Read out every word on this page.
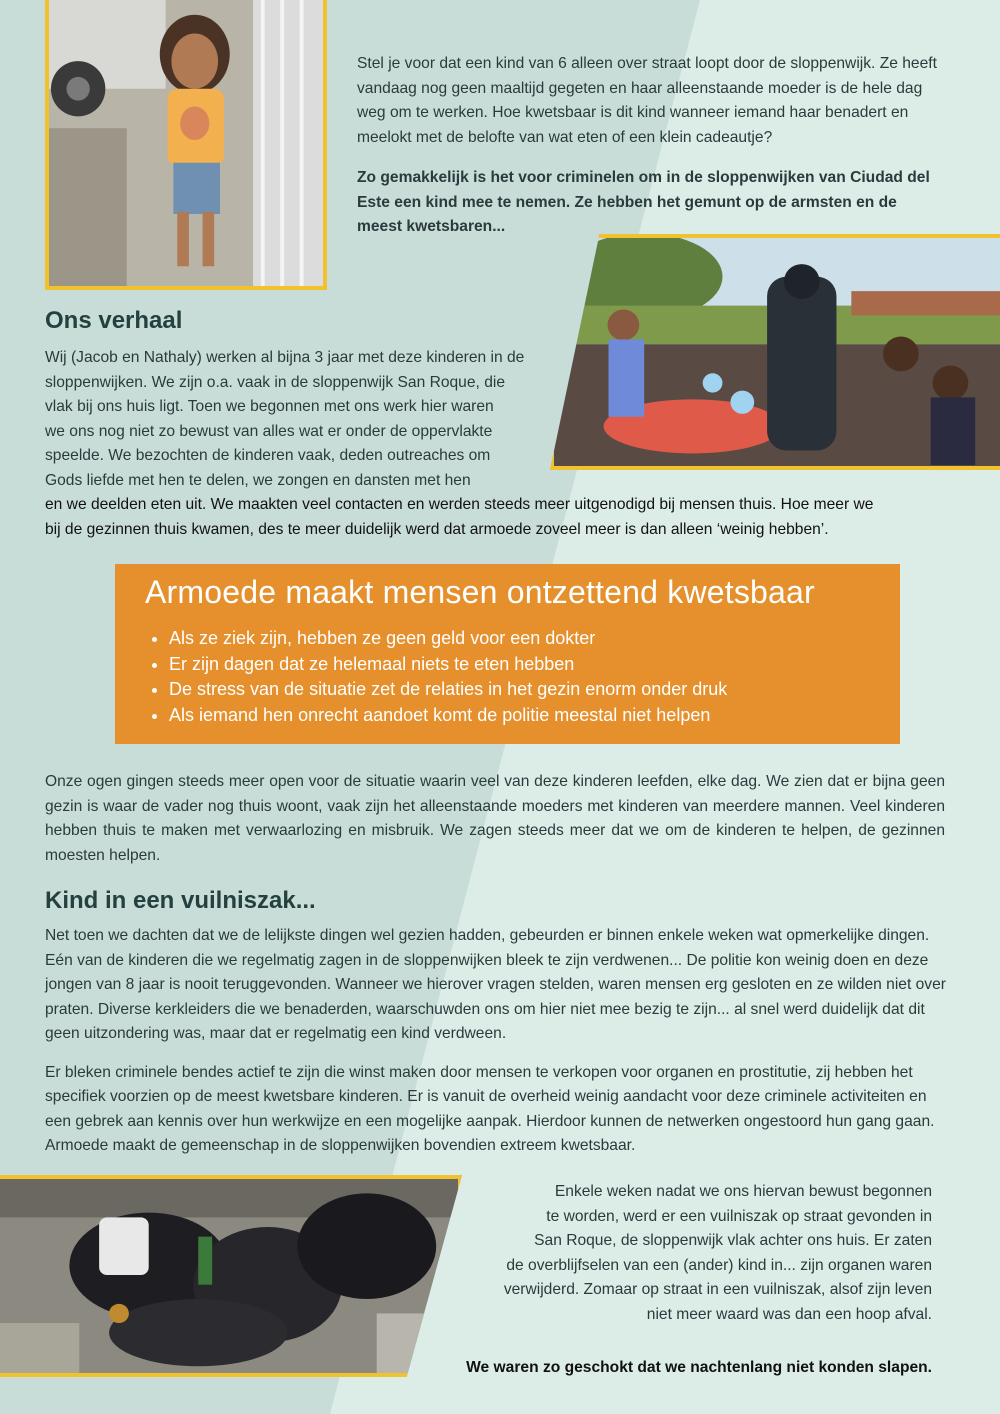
Stel je voor dat een kind van 6 alleen over straat loopt door de sloppenwijk. Ze heeft vandaag nog geen maaltijd gegeten en haar alleenstaande moeder is de hele dag weg om te werken. Hoe kwetsbaar is dit kind wanneer iemand haar benadert en meelokt met de belofte van wat eten of een klein cadeautje?

Zo gemakkelijk is het voor criminelen om in de sloppenwijken van Ciudad del Este een kind mee te nemen. Ze hebben het gemunt op de armsten en de meest kwetsbaren...

Ons verhaal
Wij (Jacob en Nathaly) werken al bijna 3 jaar met deze kinderen in de
sloppenwijken. We zijn o.a. vaak in de sloppenwijk San Roque, die
vlak bij ons huis ligt. Toen we begonnen met ons werk hier waren
we ons nog niet zo bewust van alles wat er onder de oppervlakte
speelde. We bezochten de kinderen vaak, deden outreaches om
Gods liefde met hen te delen, we zongen en dansten met hen
en we deelden eten uit. We maakten veel contacten en werden steeds meer uitgenodigd bij mensen thuis. Hoe meer we
bij de gezinnen thuis kwamen, des te meer duidelijk werd dat armoede zoveel meer is dan alleen ‘weinig hebben’.
Armoede maakt mensen ontzettend kwetsbaar
• Als ze ziek zijn, hebben ze geen geld voor een dokter
• Er zijn dagen dat ze helemaal niets te eten hebben
• De stress van de situatie zet de relaties in het gezin enorm onder druk
• Als iemand hen onrecht aandoet komt de politie meestal niet helpen

Onze ogen gingen steeds meer open voor de situatie waarin veel van deze kinderen leefden, elke dag. We zien dat er bijna geen gezin is waar de vader nog thuis woont, vaak zijn het alleenstaande moeders met kinderen van meerdere mannen. Veel kinderen hebben thuis te maken met verwaarlozing en misbruik. We zagen steeds meer dat we om de kinderen te helpen, de gezinnen moesten helpen.

Kind in een vuilniszak...

Net toen we dachten dat we de lelijkste dingen wel gezien hadden, gebeurden er binnen enkele weken wat opmerkelijke dingen. Eén van de kinderen die we regelmatig zagen in de sloppenwijken bleek te zijn verdwenen... De politie kon weinig doen en deze jongen van 8 jaar is nooit teruggevonden. Wanneer we hierover vragen stelden, waren mensen erg gesloten en ze wilden niet over praten. Diverse kerkleiders die we benaderden, waarschuwden ons om hier niet mee bezig te zijn... al snel werd duidelijk dat dit geen uitzondering was, maar dat er regelmatig een kind verdween.

Er bleken criminele bendes actief te zijn die winst maken door mensen te verkopen voor organen en prostitutie, zij hebben het specifiek voorzien op de meest kwetsbare kinderen. Er is vanuit de overheid weinig aandacht voor deze criminele activiteiten en een gebrek aan kennis over hun werkwijze en een mogelijke aanpak. Hierdoor kunnen de netwerken ongestoord hun gang gaan. Armoede maakt de gemeenschap in de sloppenwijken bovendien extreem kwetsbaar.

Enkele weken nadat we ons hiervan bewust begonnen
te worden, werd er een vuilniszak op straat gevonden in
San Roque, de sloppenwijk vlak achter ons huis. Er zaten
de overblijfselen van een (ander) kind in... zijn organen waren
verwijderd. Zomaar op straat in een vuilniszak, alsof zijn leven
niet meer waard was dan een hoop afval.
We waren zo geschokt dat we nachtenlang niet konden slapen.
